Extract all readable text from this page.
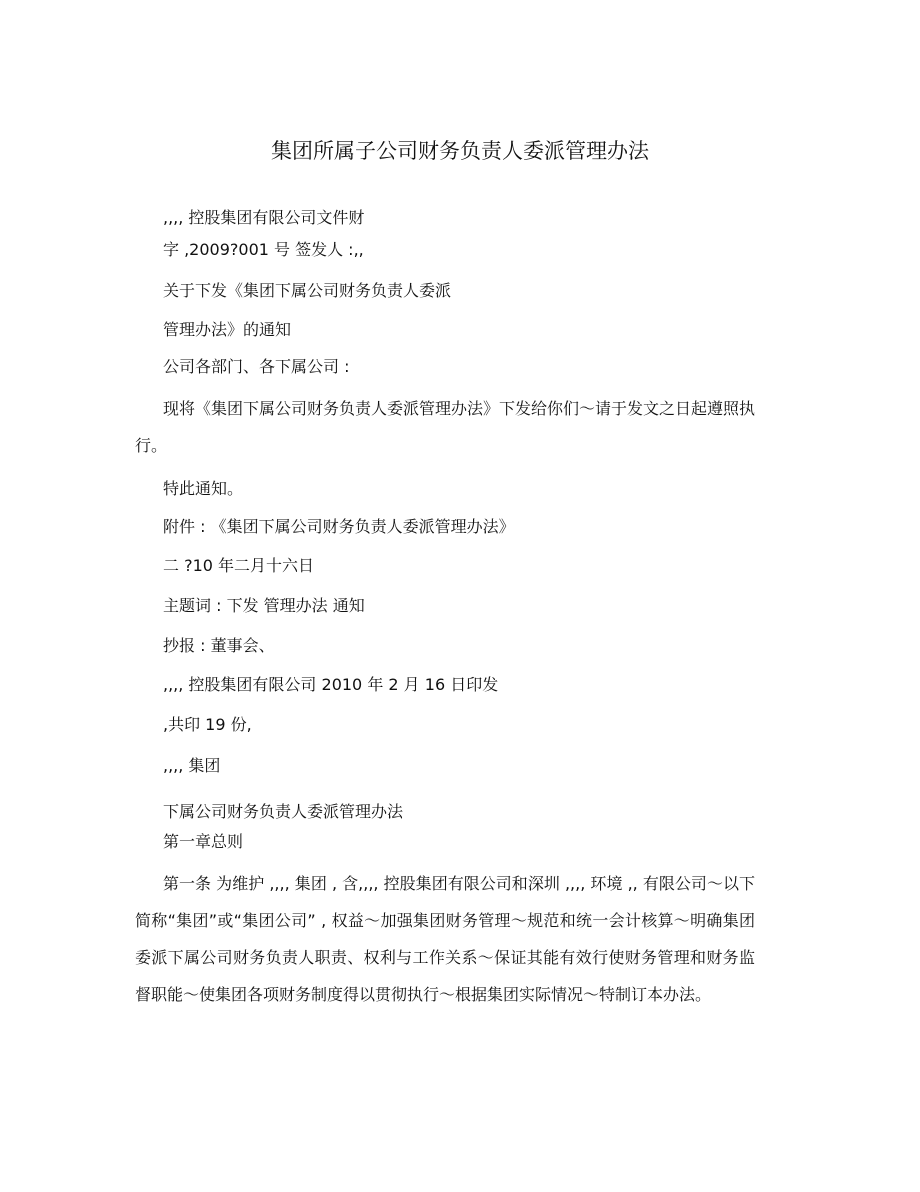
集团所属子公司财务负责人委派管理办法

,,,, 控股集团有限公司文件财

字 ,2009?001 号 签发人 :,,

关于下发《集团下属公司财务负责人委派

管理办法》的通知

公司各部门、各下属公司 :

现将《集团下属公司财务负责人委派管理办法》下发给你们～请于发文之日起遵照执行。

特此通知。

附件 : 《集团下属公司财务负责人委派管理办法》

二 ?10 年二月十六日

主题词 : 下发 管理办法 通知

抄报 : 董事会、

,,,, 控股集团有限公司 2010 年 2 月 16 日印发

,共印 19 份,

,,,, 集团

下属公司财务负责人委派管理办法

第一章总则

第一条 为维护 ,,,, 集团 , 含,,,, 控股集团有限公司和深圳 ,,,, 环境 ,, 有限公司～以下简称“集团”或“集团公司” , 权益～加强集团财务管理～规范和统一会计核算～明确集团委派下属公司财务负责人职责、权利与工作关系～保证其能有效行使财务管理和财务监督职能～使集团各项财务制度得以贯彻执行～根据集团实际情况～特制订本办法。
